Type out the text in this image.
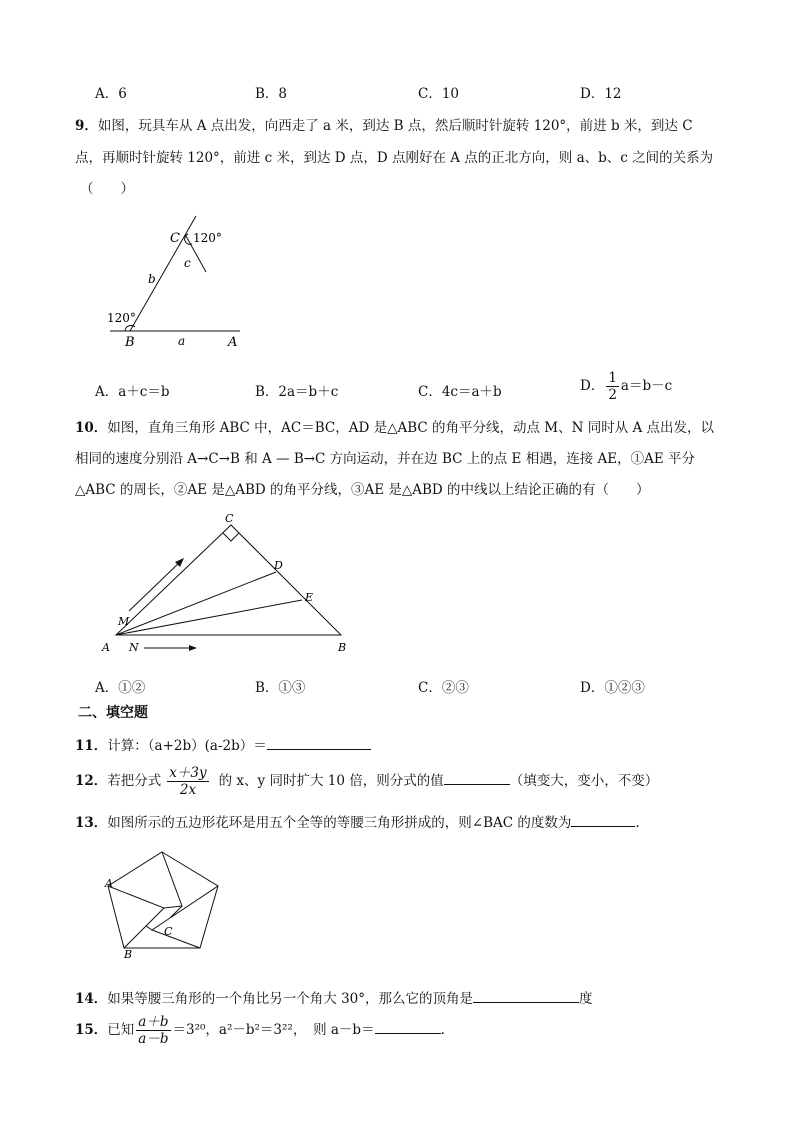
A．6	B．8	C．10	D．12
9．如图，玩具车从 A 点出发，向西走了 a 米，到达 B 点，然后顺时针旋转 120°，前进 b 米，到达 C
点，再顺时针旋转 120°，前进 c 米，到达 D 点，D 点刚好在 A 点的正北方向，则 a、b、c 之间的关系为
（　　）
C 120°
c
b
120°
B	a	A
A．a＋c＝b	B．2a＝b＋c	C．4c＝a＋b	D． $\frac{1}{2} a=b-c$
10．如图，直角三角形 ABC 中，AC＝BC，AD 是△ABC 的角平分线，动点 M、N 同时从 A 点出发，以
相同的速度分别沿 A→C→B 和 A — B→C 方向运动，并在边 BC 上的点 E 相遇，连接 AE，①AE 平分
△ABC 的周长，②AE 是△ABD 的角平分线，③AE 是△ABD 的中线以上结论正确的有（　　）
C
D
E
M
A N	B
A．①②	B．①③	C．②③	D．①②③
二、填空题
11．计算：（a+2b）(a-2b）＝
12．若把分式 $\frac{x+3y}{2x}$ 的 x、y 同时扩大 10 倍，则分式的值	（填变大，变小，不变）
13．如图所示的五边形花环是用五个全等的等腰三角形拼成的，则∠BAC 的度数为	.
A
B
C
14．如果等腰三角形的一个角比另一个角大 30°，那么它的顶角是	度
15．已知 $\frac{a+b}{a-b} =3^{20}$，a²－b²＝3²²，　则 a－b＝	.
